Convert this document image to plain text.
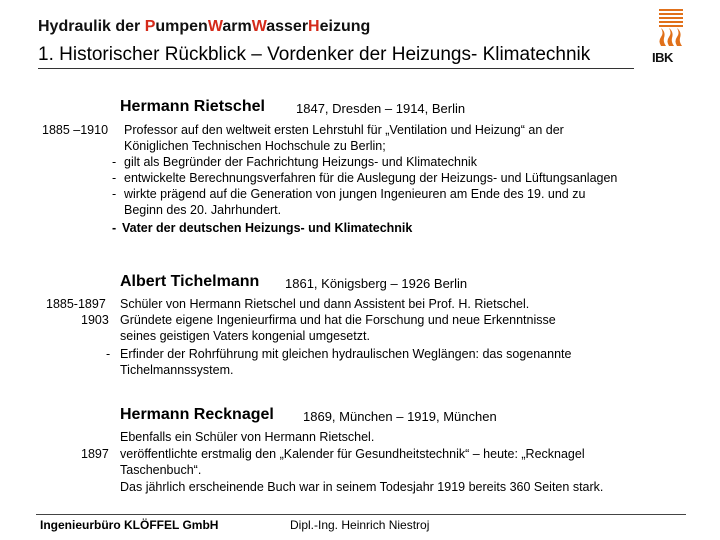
Hydraulik der PumpenWarmWasserHeizung
1. Historischer Rückblick – Vordenker der Heizungs- Klimatechnik	IBK
Hermann Rietschel 1847, Dresden – 1914, Berlin
1885 –1910 Professor auf den weltweit ersten Lehrstuhl für „Ventilation und Heizung“ an der
Königlichen Technischen Hochschule zu Berlin;
- gilt als Begründer der Fachrichtung Heizungs- und Klimatechnik
- entwickelte Berechnungsverfahren für die Auslegung der Heizungs- und Lüftungsanlagen
- wirkte prägend auf die Generation von jungen Ingenieuren am Ende des 19. und zu
Beginn des 20. Jahrhundert.
- Vater der deutschen Heizungs- und Klimatechnik
Albert Tichelmann 1861, Königsberg – 1926 Berlin
1885-1897 Schüler von Hermann Rietschel und dann Assistent bei Prof. H. Rietschel.
1903 Gründete eigene Ingenieurfirma und hat die Forschung und neue Erkenntnisse
seines geistigen Vaters kongenial umgesetzt.
- Erfinder der Rohrführung mit gleichen hydraulischen Weglängen: das sogenannte
Tichelmannssystem.
Hermann Recknagel 1869, München – 1919, München
Ebenfalls ein Schüler von Hermann Rietschel.
1897 veröffentlichte erstmalig den „Kalender für Gesundheitstechnik“ – heute: „Recknagel
Taschenbuch“.
Das jährlich erscheinende Buch war in seinem Todesjahr 1919 bereits 360 Seiten stark.
Ingenieurbüro KLÖFFEL GmbH	Dipl.-Ing. Heinrich Niestroj
